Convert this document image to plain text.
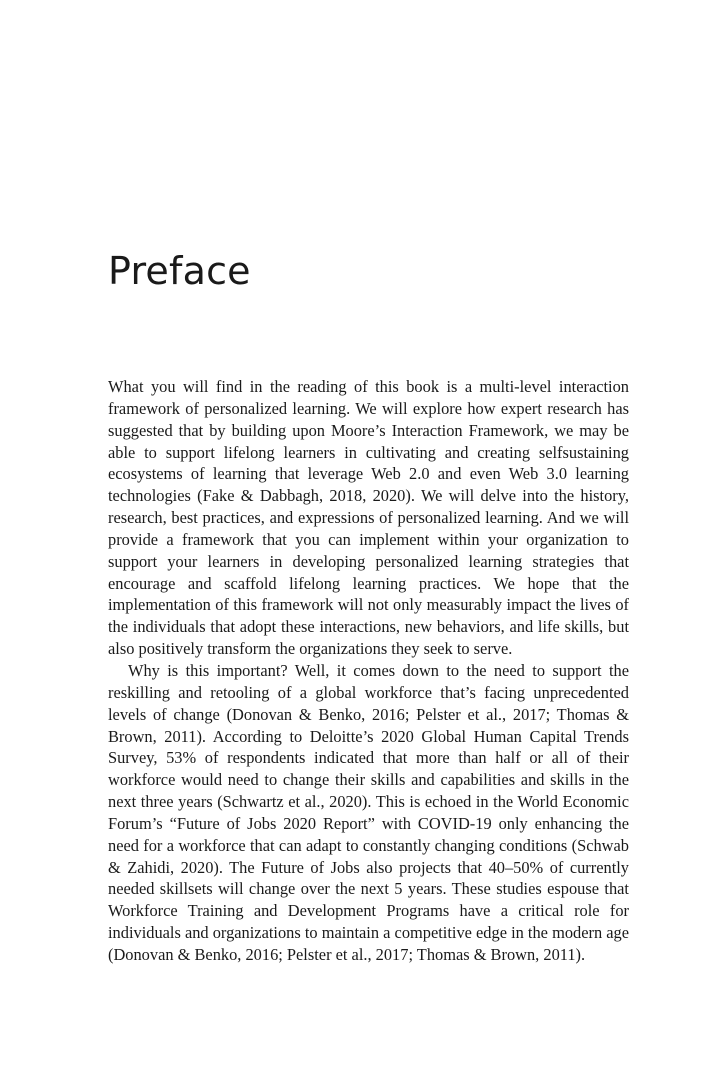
Preface

What you will find in the reading of this book is a multi-level interaction framework of personalized learning. We will explore how expert research has suggested that by building upon Moore’s Interaction Framework, we may be able to support lifelong learners in cultivating and creating selfsustaining ecosystems of learning that leverage Web 2.0 and even Web 3.0 learning technologies (Fake & Dabbagh, 2018, 2020). We will delve into the history, research, best practices, and expressions of personalized learning. And we will provide a framework that you can implement within your organization to support your learners in developing personalized learning strategies that encourage and scaffold lifelong learning practices. We hope that the implementation of this framework will not only measurably impact the lives of the individuals that adopt these interactions, new behaviors, and life skills, but also positively transform the organizations they seek to serve.

Why is this important? Well, it comes down to the need to support the reskilling and retooling of a global workforce that’s facing unprecedented levels of change (Donovan & Benko, 2016; Pelster et al., 2017; Thomas & Brown, 2011). According to Deloitte’s 2020 Global Human Capital Trends Survey, 53% of respondents indicated that more than half or all of their workforce would need to change their skills and capabilities and skills in the next three years (Schwartz et al., 2020). This is echoed in the World Economic Forum’s “Future of Jobs 2020 Report” with COVID-19 only enhancing the need for a workforce that can adapt to constantly changing conditions (Schwab & Zahidi, 2020). The Future of Jobs also projects that 40–50% of currently needed skillsets will change over the next 5 years. These studies espouse that Workforce Training and Development Programs have a critical role for individuals and organizations to maintain a competitive edge in the modern age (Donovan & Benko, 2016; Pelster et al., 2017; Thomas & Brown, 2011).
